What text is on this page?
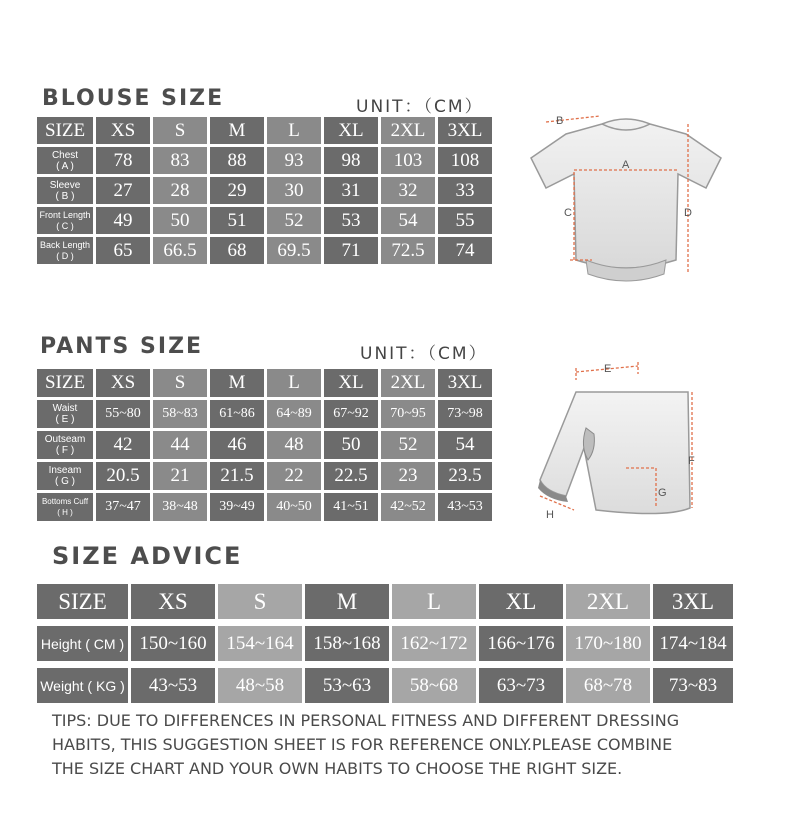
BLOUSE SIZE	UNIT：（CM）
SIZE	XS	S	M	L	XL	2XL	3XL

Chest
( A )	78	83	88	93	98	103	108

Sleeve
( B )	27	28	29	30	31	32	33

Front Length
( C )	49	50	51	52	53	54	55

Back Length
( D )	65	66.5	68	69.5	71	72.5	74
B
A
C	D
PANTS SIZE	UNIT：（CM）
SIZE	XS	S	M	L	XL	2XL	3XL

Waist
( E )	55~80	58~83	61~86	64~89	67~92	70~95	73~98

Outseam
( F )	42	44	46	48	50	52	54

Inseam
( G )	20.5	21	21.5	22	22.5	23	23.5

Bottoms Cuff
( H )	37~47	38~48	39~49	40~50	41~51	42~52	43~53
E
F
G
H
SIZE ADVICE
SIZE	XS	S	M	L	XL	2XL	3XL

Height ( CM )	150~160	154~164	158~168	162~172	166~176	170~180	174~184

Weight ( KG )	43~53	48~58	53~63	58~68	63~73	68~78	73~83
TIPS: DUE TO DIFFERENCES IN PERSONAL FITNESS AND DIFFERENT DRESSING
HABITS, THIS SUGGESTION SHEET IS FOR REFERENCE ONLY.PLEASE COMBINE
THE SIZE CHART AND YOUR OWN HABITS TO CHOOSE THE RIGHT SIZE.
